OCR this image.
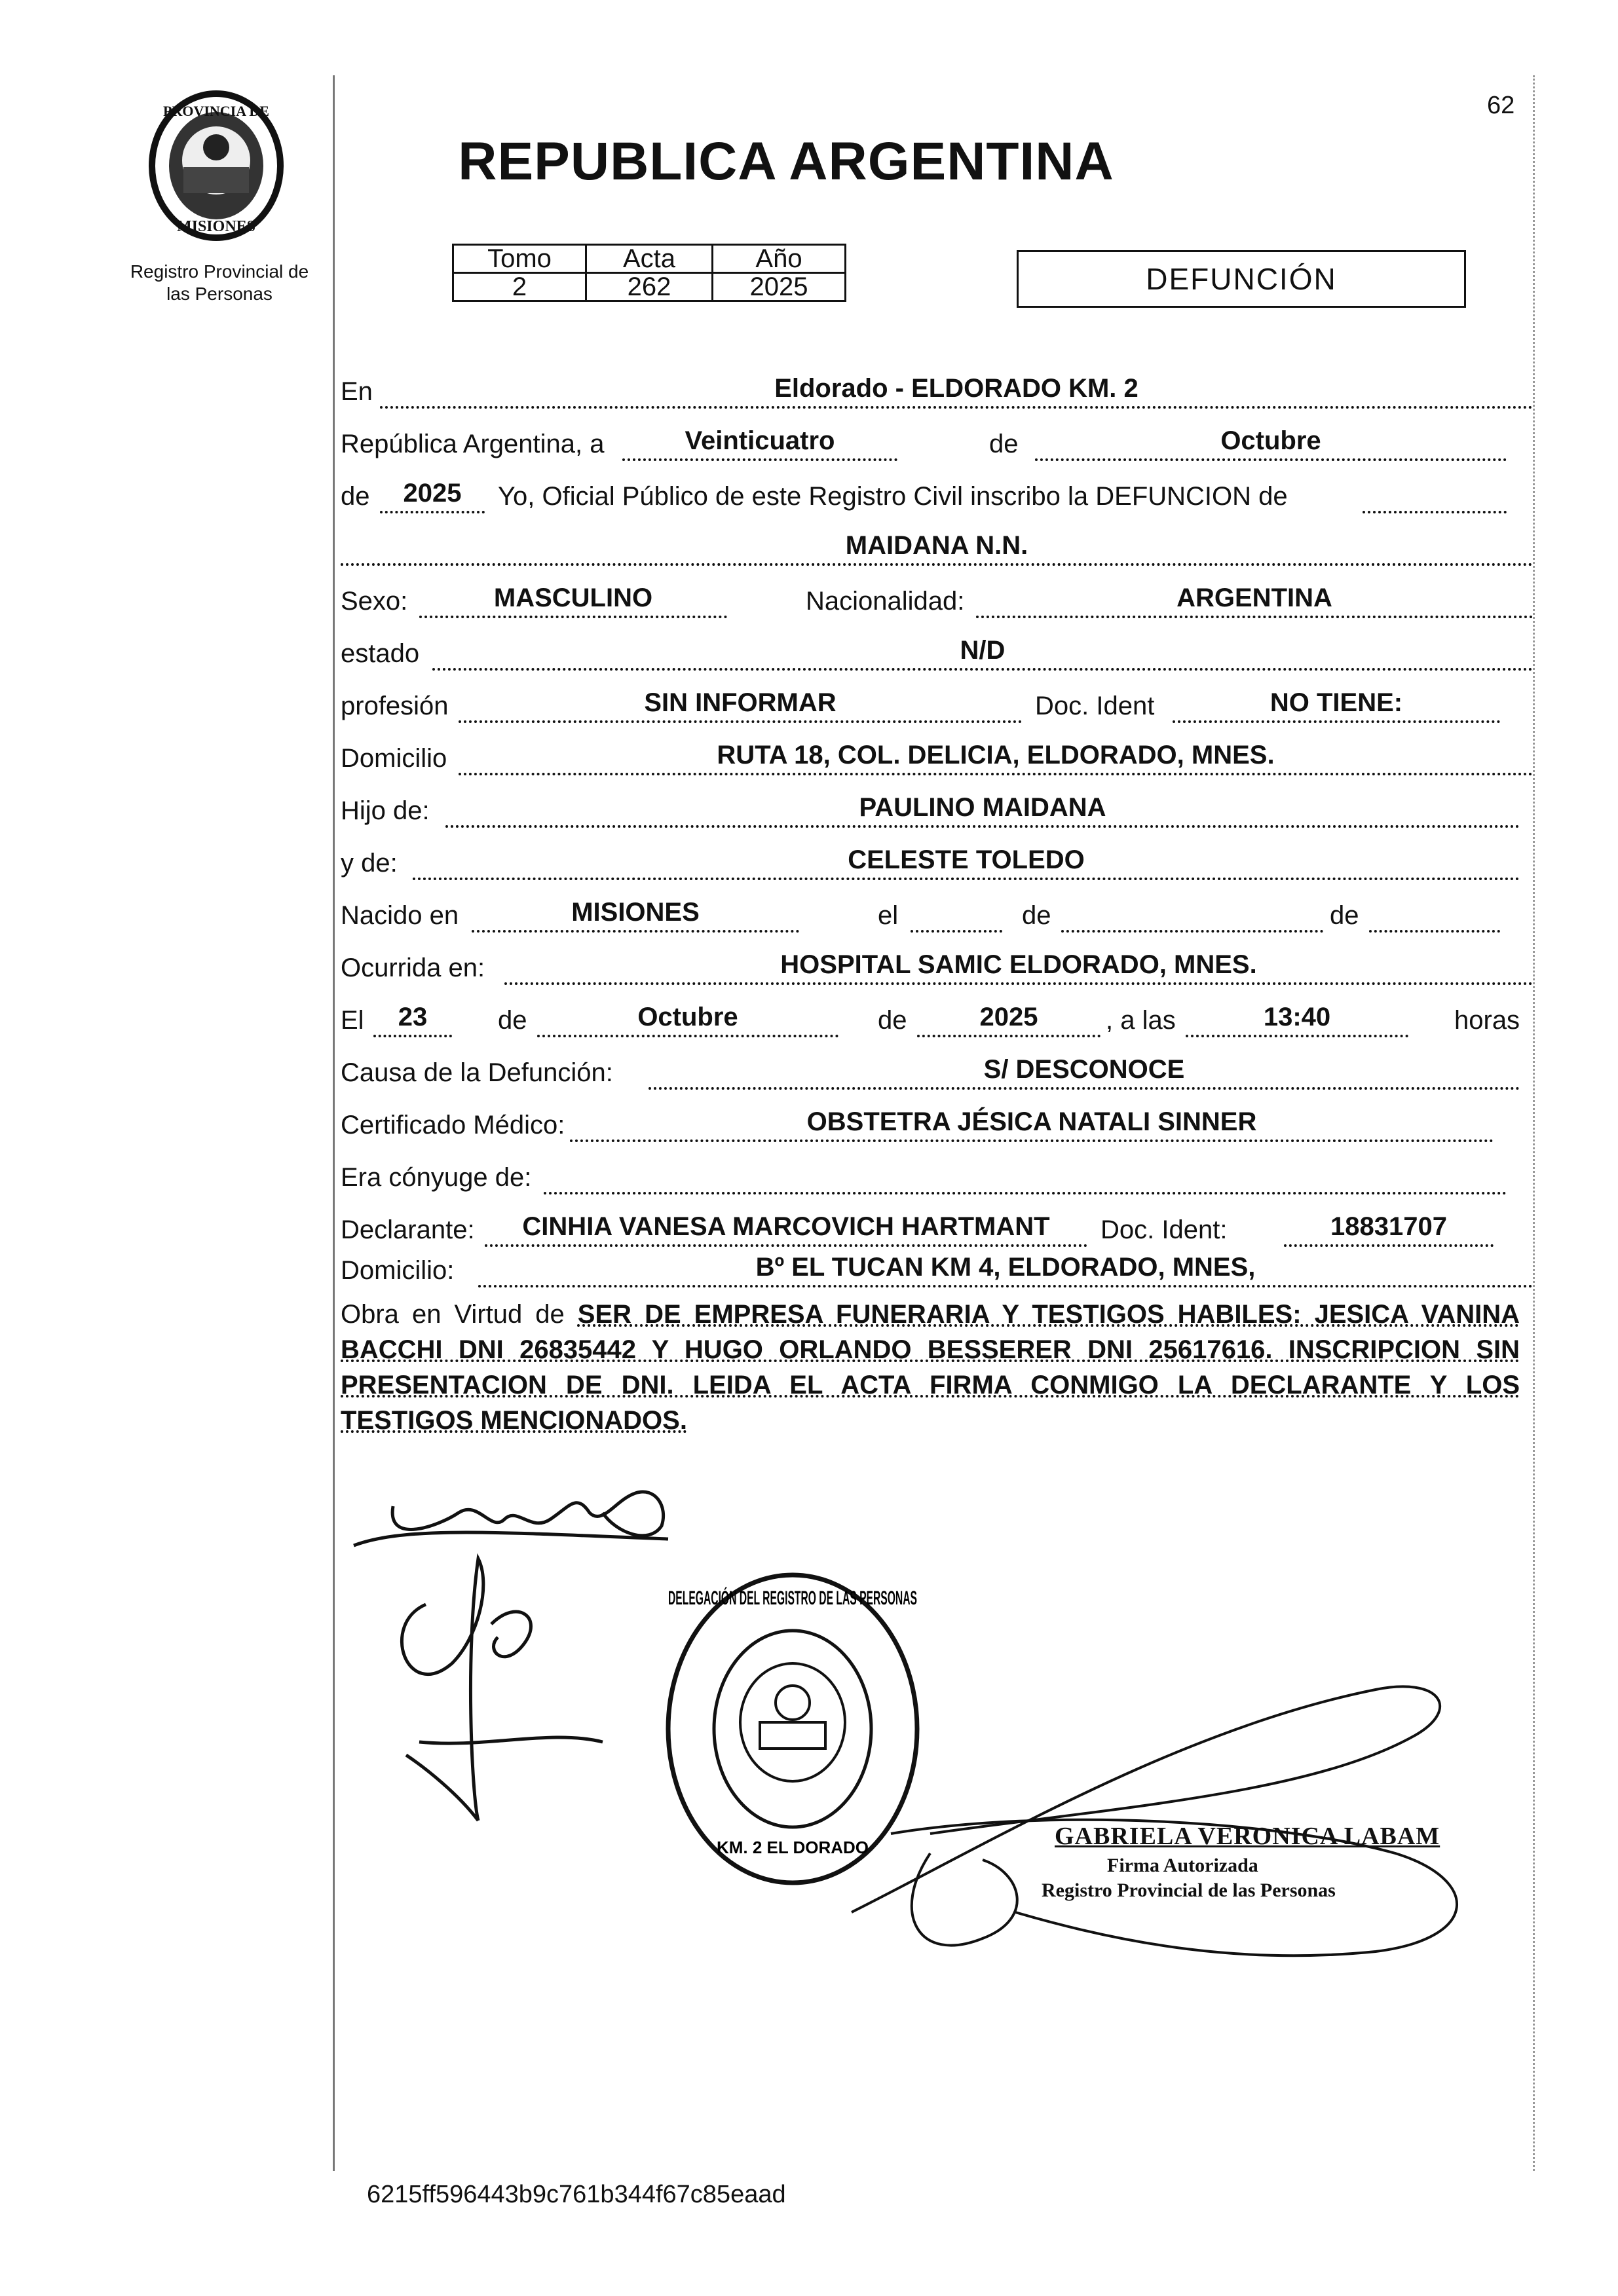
62
PROVINCIA DE
MISIONES
Registro Provincial de
las Personas
REPUBLICA ARGENTINA
Tomo	Acta	Año
2	262	2025	DEFUNCIÓN
En	Eldorado - ELDORADO KM. 2
República Argentina, a	Veinticuatro	de	Octubre
de	2025	Yo, Oficial Público de este Registro Civil inscribo la DEFUNCION de
MAIDANA N.N.
Sexo:	MASCULINO	Nacionalidad:	ARGENTINA
estado	N/D
profesión	SIN INFORMAR	Doc. Ident	NO TIENE:
Domicilio	RUTA 18, COL. DELICIA, ELDORADO, MNES.
Hijo de:	PAULINO MAIDANA
y de:	CELESTE TOLEDO
Nacido en	MISIONES	el	de	de
Ocurrida en:	HOSPITAL SAMIC ELDORADO, MNES.
El	23	de	Octubre	de	2025	, a las	13:40	horas
Causa de la Defunción:	S/ DESCONOCE
Certificado Médico:	OBSTETRA JÉSICA NATALI SINNER
Era cónyuge de:
Declarante:	CINHIA VANESA MARCOVICH HARTMANT	Doc. Ident:	18831707
Domicilio:	Bº EL TUCAN KM 4, ELDORADO, MNES,
Obra en Virtud de SER DE EMPRESA FUNERARIA Y TESTIGOS HABILES: JESICA VANINA BACCHI DNI 26835442 Y HUGO ORLANDO BESSERER DNI 25617616. INSCRIPCION SIN PRESENTACION DE DNI. LEIDA EL ACTA FIRMA CONMIGO LA DECLARANTE Y LOS TESTIGOS MENCIONADOS.
DELEGACIÓN DEL REGISTRO DE LAS PERSONAS
KM. 2 EL DORADO	GABRIELA VERONICA LABAM
Firma Autorizada
Registro Provincial de las Personas
6215ff596443b9c761b344f67c85eaad
